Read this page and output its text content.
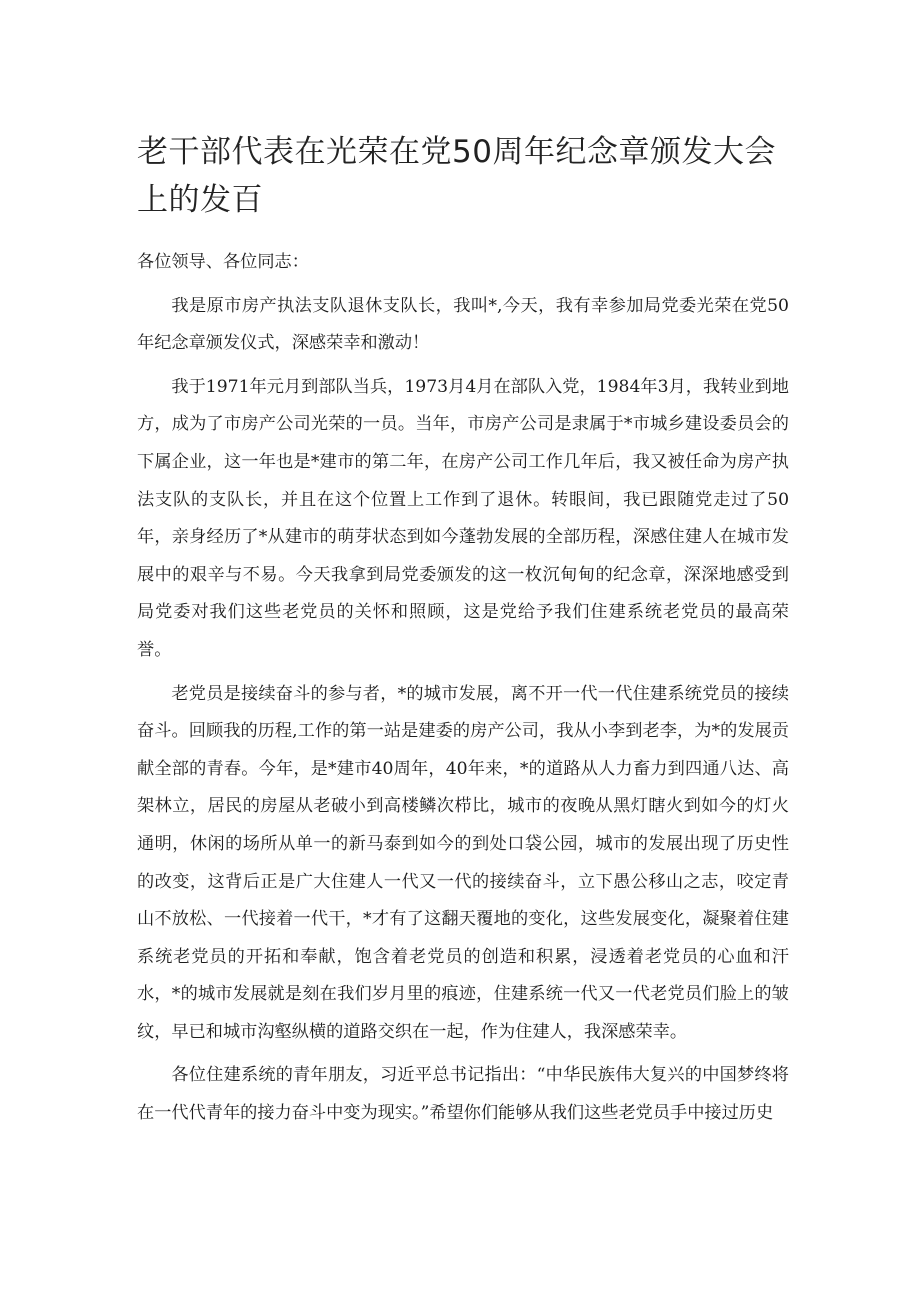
老干部代表在光荣在党50周年纪念章颁发大会上的发百

各位领导、各位同志：

我是原市房产执法支队退休支队长，我叫*,今天，我有幸参加局党委光荣在党50年纪念章颁发仪式，深感荣幸和激动！

我于1971年元月到部队当兵，1973月4月在部队入党，1984年3月，我转业到地方，成为了市房产公司光荣的一员。当年，市房产公司是隶属于*市城乡建设委员会的下属企业，这一年也是*建市的第二年，在房产公司工作几年后，我又被任命为房产执法支队的支队长，并且在这个位置上工作到了退休。转眼间，我已跟随党走过了50年，亲身经历了*从建市的萌芽状态到如今蓬勃发展的全部历程，深感住建人在城市发展中的艰辛与不易。今天我拿到局党委颁发的这一枚沉甸甸的纪念章，深深地感受到局党委对我们这些老党员的关怀和照顾，这是党给予我们住建系统老党员的最高荣誉。

老党员是接续奋斗的参与者，*的城市发展，离不开一代一代住建系统党员的接续奋斗。回顾我的历程,工作的第一站是建委的房产公司，我从小李到老李，为*的发展贡献全部的青春。今年，是*建市40周年，40年来，*的道路从人力畜力到四通八达、高架林立，居民的房屋从老破小到高楼鳞次栉比，城市的夜晚从黑灯瞎火到如今的灯火通明，休闲的场所从单一的新马泰到如今的到处口袋公园，城市的发展出现了历史性的改变，这背后正是广大住建人一代又一代的接续奋斗，立下愚公移山之志，咬定青山不放松、一代接着一代干，*才有了这翻天覆地的变化，这些发展变化，凝聚着住建系统老党员的开拓和奉献，饱含着老党员的创造和积累，浸透着老党员的心血和汗水，*的城市发展就是刻在我们岁月里的痕迹，住建系统一代又一代老党员们脸上的皱纹，早已和城市沟壑纵横的道路交织在一起，作为住建人，我深感荣幸。

各位住建系统的青年朋友，习近平总书记指出：“中华民族伟大复兴的中国梦终将在一代代青年的接力奋斗中变为现实。”希望你们能够从我们这些老党员手中接过历史
